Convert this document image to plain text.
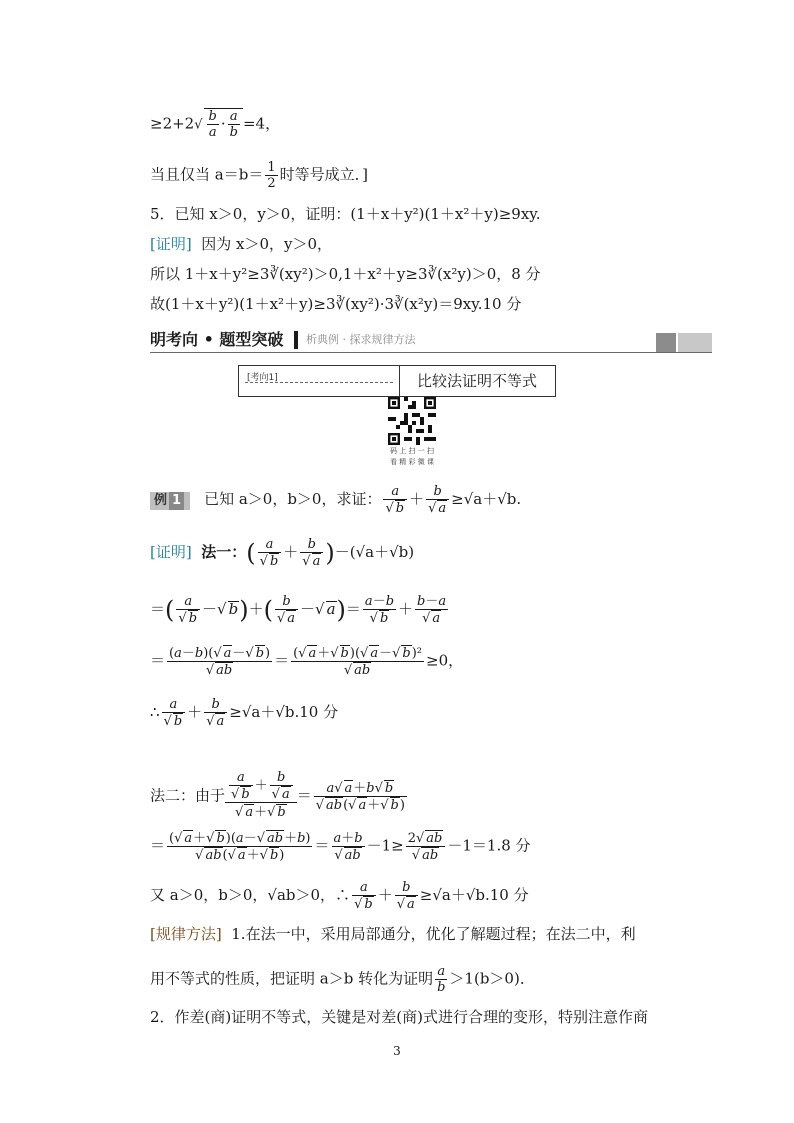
$\ge 2+2√ \frac{b}{a} \cdot \frac{a}{b} =4$，
当且仅当 $a=b= \frac{1}{2}$ 时等号成立．]
5．已知 x＞0，y＞0，证明：(1＋x＋y²)(1＋x²＋y)≥9xy.
[证明] 因为 x＞0，y＞0，
所以 1＋x＋y²≥3∛(xy²)＞0,1＋x²＋y≥3∛(x²y)＞0，8 分
故(1＋x＋y²)(1＋x²＋y)≥3∛(xy²)·3∛(x²y)＝9xy.10 分
明考向 • 题型突破 析典例 · 探求规律方法
[考向1]	比较法证明不等式
码 上 扫 一 扫
看 精 彩 微 课
例 1 已知 a＞0，b＞0，求证： $\frac{a}{√ b} + \frac{b}{√ a} \ge√a+√b$.
[证明] 法一：( $\frac{a}{√ b} + \frac{b}{√ a} )-(√a+√b)$
＝( $\frac{a}{√ b}$ －√ $b)+( \frac{b}{√ a}$ －√ $a)= \frac{a-b}{√ b} + \frac{b-a}{√ a}$
＝ $\frac{(a-b)(√ a-√ b)}{√ ab} = \frac{\text{(√ a＋√ b)(√ a－√ b)²}}{√ ab} \ge 0$，
∴ $\frac{a}{√ b} + \frac{b}{√ a} \ge√a+√b.10$ 分
法二：由于 $\frac{\frac{a}{√ b} + \frac{b}{√ a}}{√ a+√ b} = \frac{a√ a+b√ b}{√ ab(√ a+√ b)}$
＝ $\frac{(√ a+√ b)(a-√ ab+b)}{√ ab(√ a+√ b)} = \frac{a+b}{√ ab} -1\ge \frac{2√ ab}{√ ab} -1=1.8$ 分
又 a＞0，b＞0，√ab＞0，∴ $\frac{a}{√ b} + \frac{b}{√ a} \ge√a+√b.10$ 分
[规律方法] 1.在法一中，采用局部通分，优化了解题过程；在法二中，利
用不等式的性质，把证明 a＞b 转化为证明 $\frac{a}{b} >1(b>0)$．
2．作差(商)证明不等式，关键是对差(商)式进行合理的变形，特别注意作商
3
